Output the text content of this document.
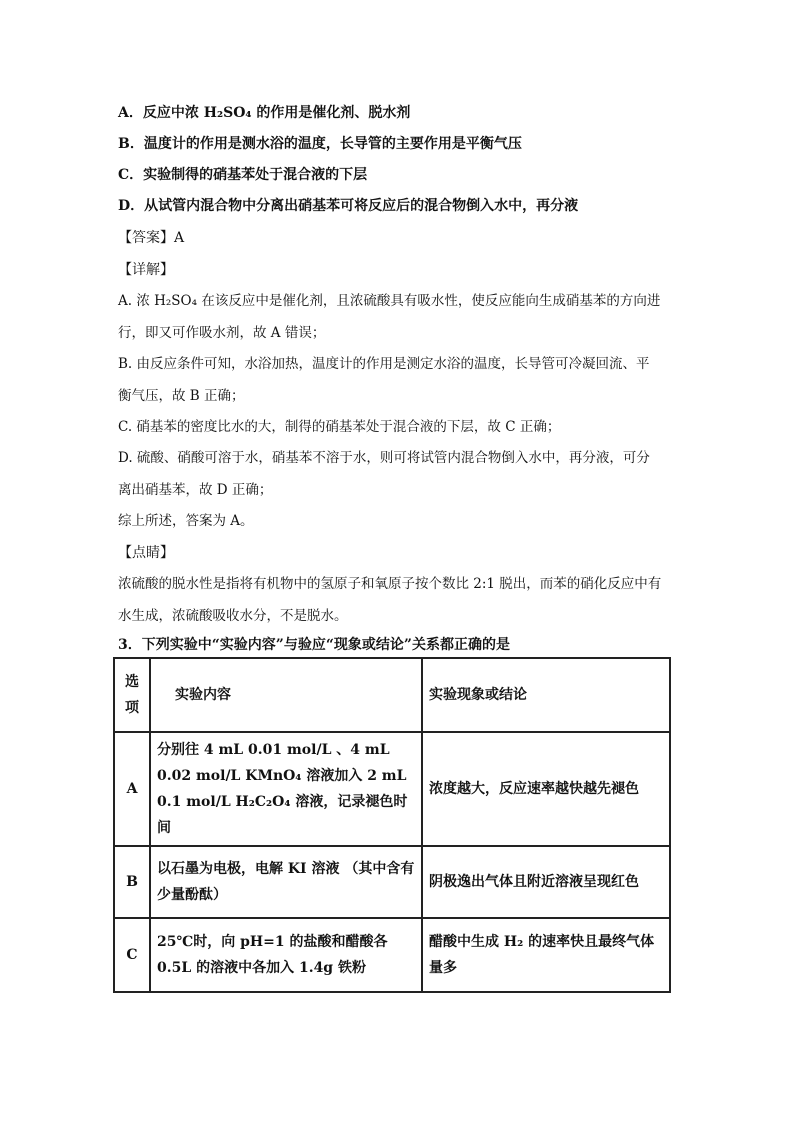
A．反应中浓 H₂SO₄ 的作用是催化剂、脱水剂
B．温度计的作用是测水浴的温度，长导管的主要作用是平衡气压
C．实验制得的硝基苯处于混合液的下层
D．从试管内混合物中分离出硝基苯可将反应后的混合物倒入水中，再分液
【答案】A
【详解】
A. 浓 H₂SO₄ 在该反应中是催化剂，且浓硫酸具有吸水性，使反应能向生成硝基苯的方向进
行，即又可作吸水剂，故 A 错误；
B. 由反应条件可知，水浴加热，温度计的作用是测定水浴的温度，长导管可冷凝回流、平
衡气压，故 B 正确；
C. 硝基苯的密度比水的大，制得的硝基苯处于混合液的下层，故 C 正确；
D. 硫酸、硝酸可溶于水，硝基苯不溶于水，则可将试管内混合物倒入水中，再分液，可分
离出硝基苯，故 D 正确；
综上所述，答案为 A。
【点睛】
浓硫酸的脱水性是指将有机物中的氢原子和氧原子按个数比 2:1 脱出，而苯的硝化反应中有
水生成，浓硫酸吸收水分，不是脱水。
3．下列实验中“实验内容”与验应“现象或结论”关系都正确的是
选项	实验内容	实验现象或结论
A	分别往 4 mL 0.01 mol/L 、4 mL 0.02 mol/L KMnO₄ 溶液加入 2 mL 0.1 mol/L H₂C₂O₄ 溶液，记录褪色时间	浓度越大，反应速率越快越先褪色
B	以石墨为电极，电解 KI 溶液 （其中含有少量酚酞）	阴极逸出气体且附近溶液呈现红色
C	25℃时，向 pH=1 的盐酸和醋酸各 0.5L 的溶液中各加入 1.4g 铁粉	醋酸中生成 H₂ 的速率快且最终气体量多
